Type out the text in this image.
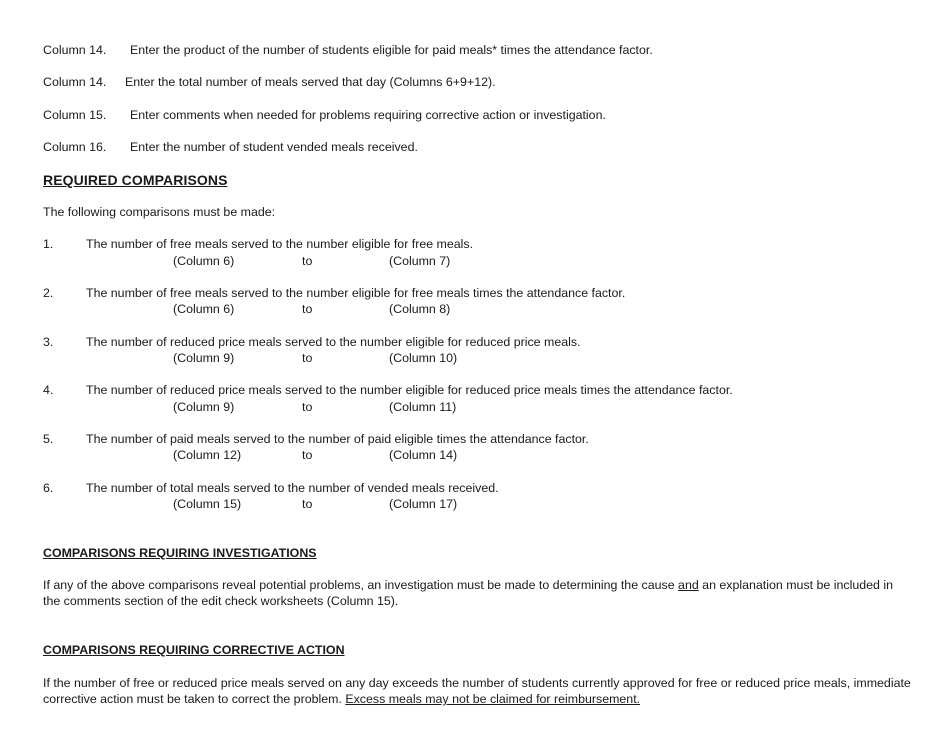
Column 14. Enter the product of the number of students eligible for paid meals* times the attendance factor.
Column 14. Enter the total number of meals served that day (Columns 6+9+12).
Column 15. Enter comments when needed for problems requiring corrective action or investigation.
Column 16. Enter the number of student vended meals received.
REQUIRED COMPARISONS
The following comparisons must be made:
1.	The number of free meals served to the number eligible for free meals.
(Column 6)	to	(Column 7)
2.	The number of free meals served to the number eligible for free meals times the attendance factor.
(Column 6)	to	(Column 8)
3.	The number of reduced price meals served to the number eligible for reduced price meals.
(Column 9)	to	(Column 10)
4.	The number of reduced price meals served to the number eligible for reduced price meals times the attendance factor.
(Column 9)	to	(Column 11)
5.	The number of paid meals served to the number of paid eligible times the attendance factor.
(Column 12)	to	(Column 14)
6.	The number of total meals served to the number of vended meals received.
(Column 15)	to	(Column 17)
COMPARISONS REQUIRING INVESTIGATIONS
If any of the above comparisons reveal potential problems, an investigation must be made to determining the cause and an explanation must be included in the comments section of the edit check worksheets (Column 15).
COMPARISONS REQUIRING CORRECTIVE ACTION
If the number of free or reduced price meals served on any day exceeds the number of students currently approved for free or reduced price meals, immediate corrective action must be taken to correct the problem. Excess meals may not be claimed for reimbursement.
